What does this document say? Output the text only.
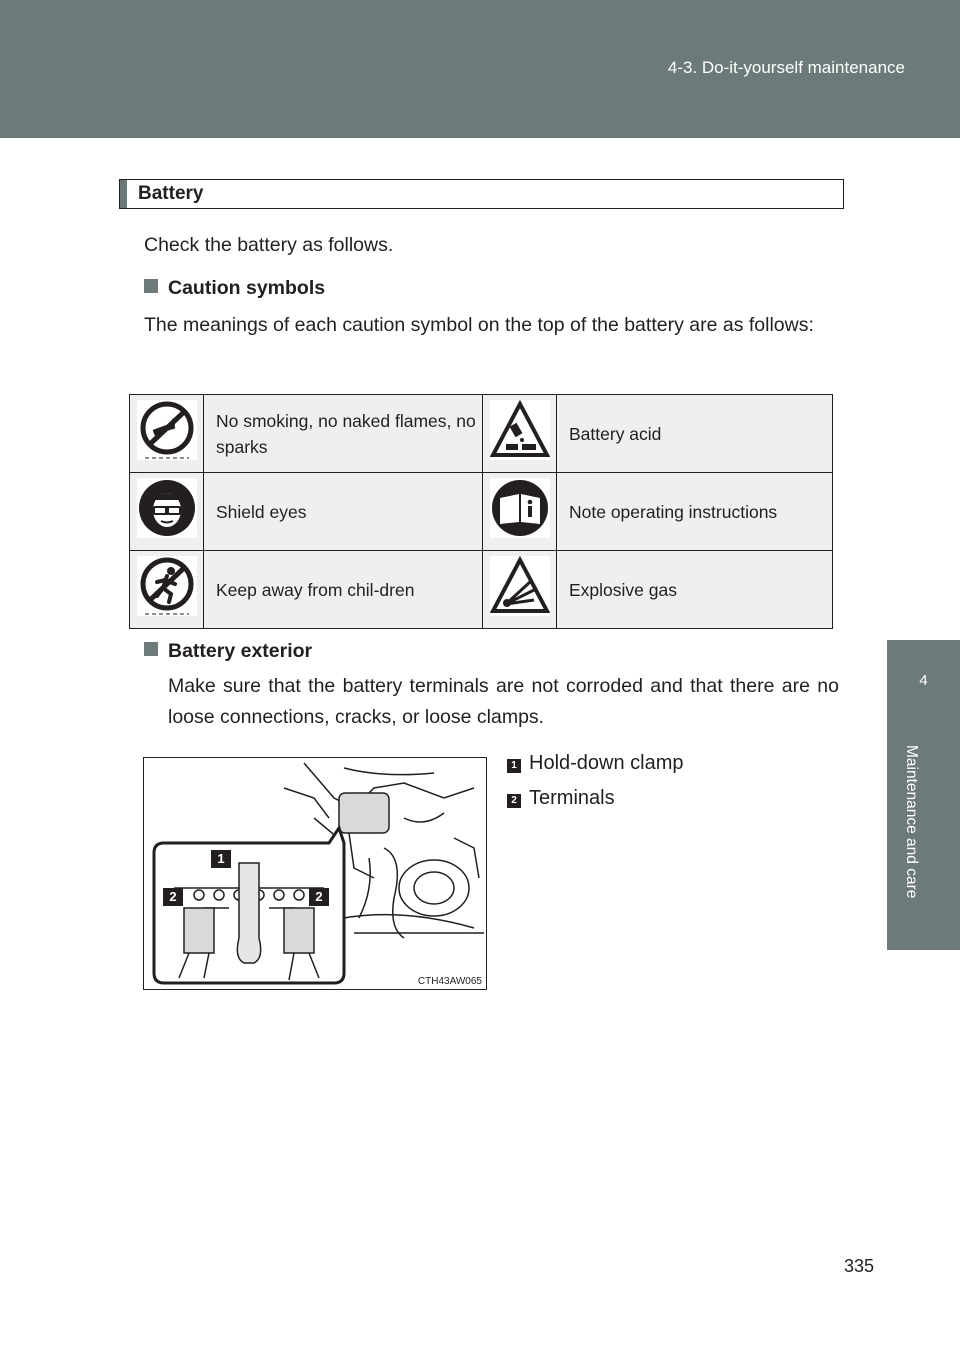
4-3. Do-it-yourself maintenance
4
Maintenance and care
Battery
Check the battery as follows.
Caution symbols
The meanings of each caution symbol on the top of the battery are as follows:
	No smoking, no naked flames, no sparks		Battery acid
	Shield eyes		Note operating instructions
	Keep away from chil-dren		Explosive gas
Battery exterior
Make sure that the battery terminals are not corroded and that there are no loose connections, cracks, or loose clamps.
1
2	2
CTH43AW065
1 Hold-down clamp
2 Terminals
335
